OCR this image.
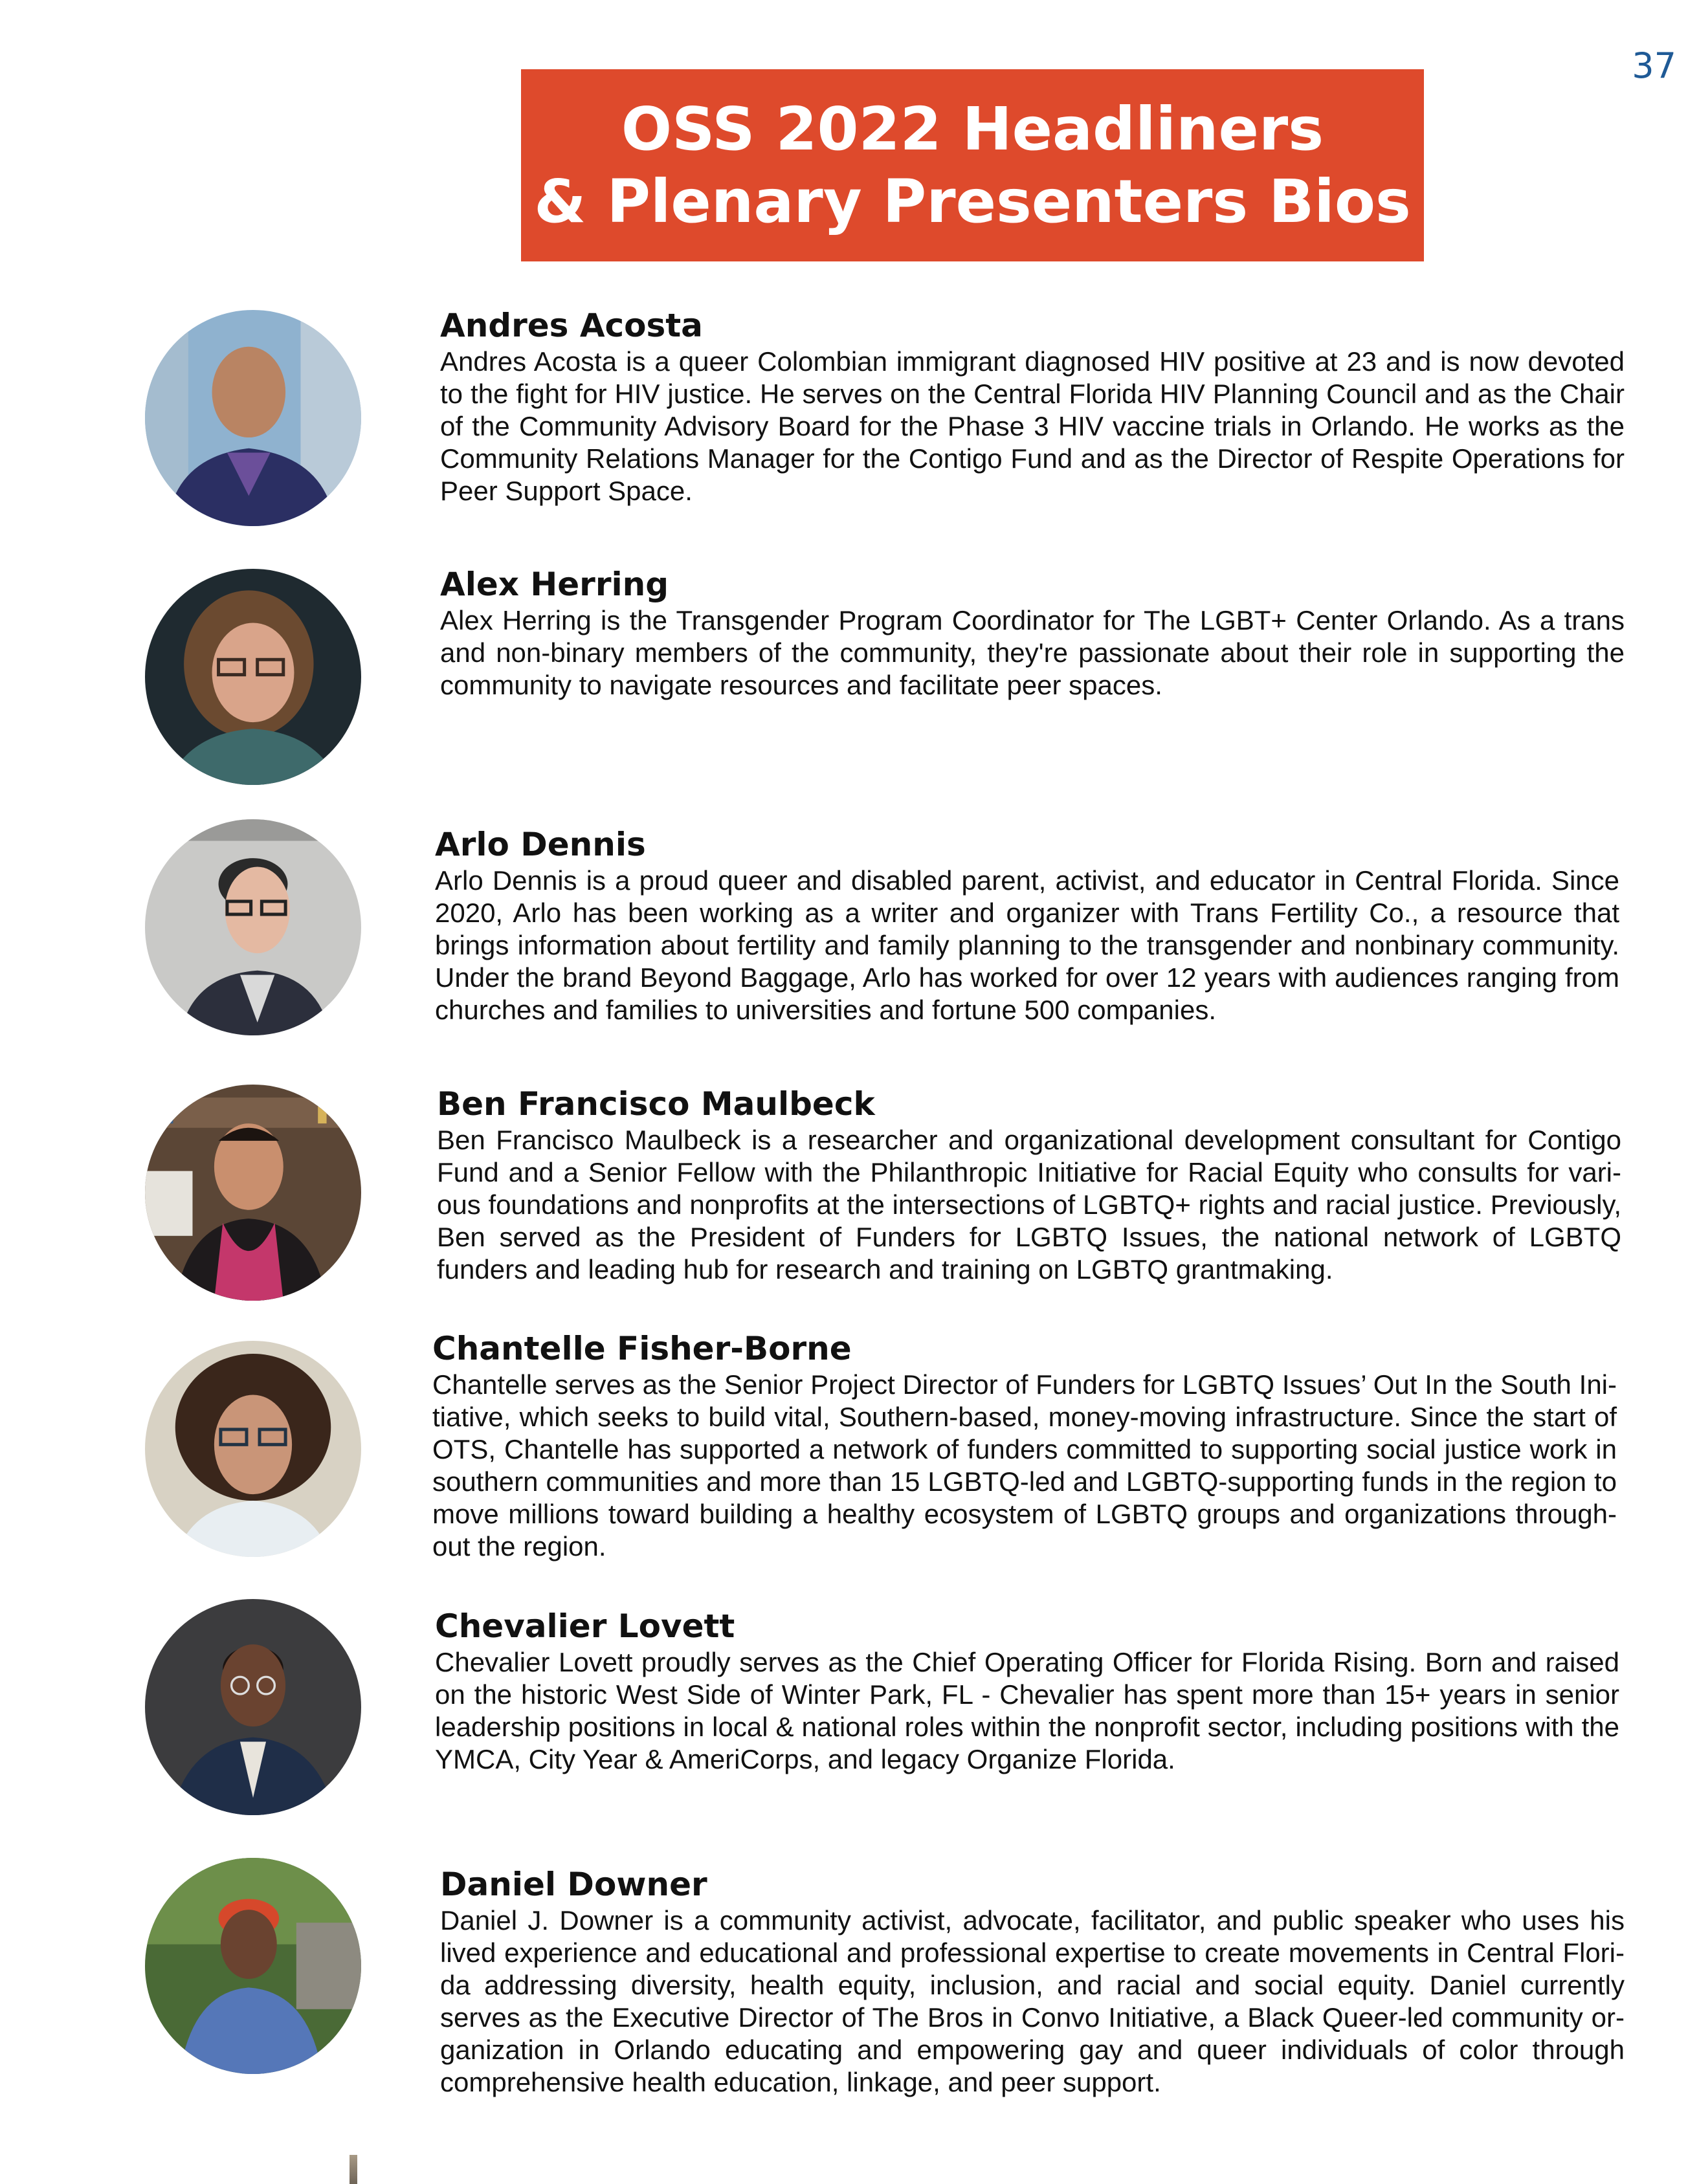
37
OSS 2022 Headliners
& Plenary Presenters Bios
Andres Acosta

Andres Acosta is a queer Colombian immigrant diagnosed HIV positive at 23 and is now devoted to the fight for HIV justice. He serves on the Central Florida HIV Planning Council and as the Chair of the Community Advisory Board for the Phase 3 HIV vaccine trials in Orlando. He works as the Community Relations Manager for the Contigo Fund and as the Director of Respite Operations for Peer Support Space.

Alex Herring

Alex Herring is the Transgender Program Coordinator for The LGBT+ Center Orlando. As a trans and non-binary members of the community, they're passionate about their role in supporting the community to navigate resources and facilitate peer spaces.

Arlo Dennis

Arlo Dennis is a proud queer and disabled parent, activist, and educator in Central Florida. Since 2020, Arlo has been working as a writer and organizer with Trans Fertility Co., a resource that brings information about fertility and family planning to the transgender and nonbinary community. Under the brand Beyond Baggage, Arlo has worked for over 12 years with audiences ranging from churches and families to universities and fortune 500 companies.

Ben Francisco Maulbeck

Ben Francisco Maulbeck is a researcher and organizational development consultant for Contigo Fund and a Senior Fellow with the Philanthropic Initiative for Racial Equity who consults for vari-ous foundations and nonprofits at the intersections of LGBTQ+ rights and racial justice. Previously, Ben served as the President of Funders for LGBTQ Issues, the national network of LGBTQ funders and leading hub for research and training on LGBTQ grantmaking.

Chantelle Fisher-Borne

Chantelle serves as the Senior Project Director of Funders for LGBTQ Issues’ Out In the South Ini-tiative, which seeks to build vital, Southern-based, money-moving infrastructure. Since the start of OTS, Chantelle has supported a network of funders committed to supporting social justice work in southern communities and more than 15 LGBTQ-led and LGBTQ-supporting funds in the region to move millions toward building a healthy ecosystem of LGBTQ groups and organizations through-out the region.

Chevalier Lovett

Chevalier Lovett proudly serves as the Chief Operating Officer for Florida Rising. Born and raised on the historic West Side of Winter Park, FL - Chevalier has spent more than 15+ years in senior leadership positions in local & national roles within the nonprofit sector, including positions with the YMCA, City Year & AmeriCorps, and legacy Organize Florida.

Daniel Downer

Daniel J. Downer is a community activist, advocate, facilitator, and public speaker who uses his lived experience and educational and professional expertise to create movements in Central Flori-da addressing diversity, health equity, inclusion, and racial and social equity. Daniel currently serves as the Executive Director of The Bros in Convo Initiative, a Black Queer-led community or-ganization in Orlando educating and empowering gay and queer individuals of color through comprehensive health education, linkage, and peer support.
